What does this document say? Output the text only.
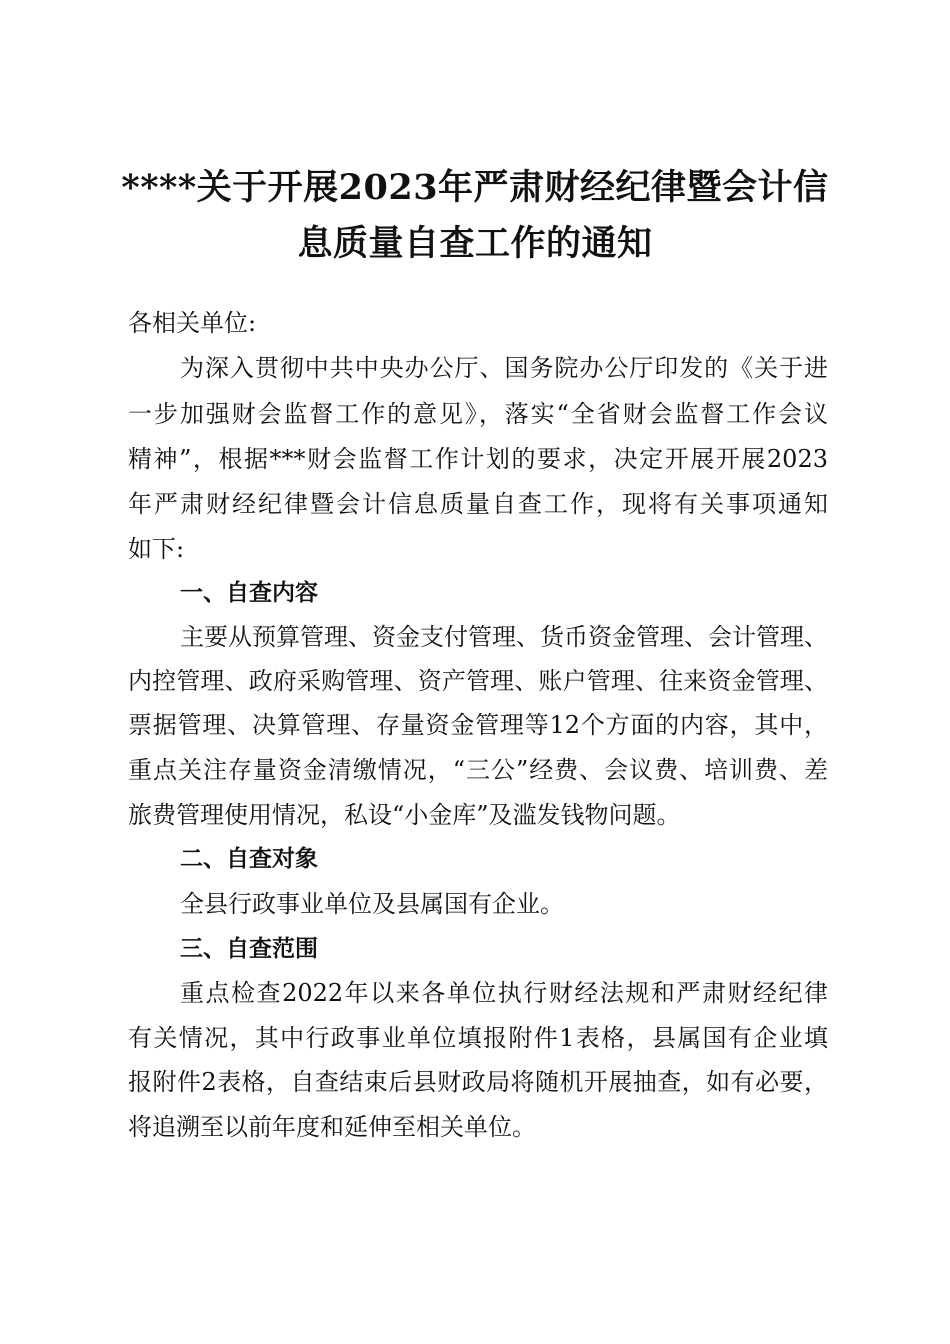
****关于开展2023年严肃财经纪律暨会计信
息质量自查工作的通知
各相关单位:
为深入贯彻中共中央办公厅、国务院办公厅印发的《关于进
一步加强财会监督工作的意见》，落实“全省财会监督工作会议
精神”，根据***财会监督工作计划的要求，决定开展开展2023
年严肃财经纪律暨会计信息质量自查工作，现将有关事项通知
如下:
一、自查内容
主要从预算管理、资金支付管理、货币资金管理、会计管理、
内控管理、政府采购管理、资产管理、账户管理、往来资金管理、
票据管理、决算管理、存量资金管理等12个方面的内容，其中，
重点关注存量资金清缴情况，“三公”经费、会议费、培训费、差
旅费管理使用情况，私设“小金库”及滥发钱物问题。
二、自查对象
全县行政事业单位及县属国有企业。
三、自查范围
重点检查2022年以来各单位执行财经法规和严肃财经纪律
有关情况，其中行政事业单位填报附件1表格，县属国有企业填
报附件2表格，自查结束后县财政局将随机开展抽查，如有必要，
将追溯至以前年度和延伸至相关单位。
